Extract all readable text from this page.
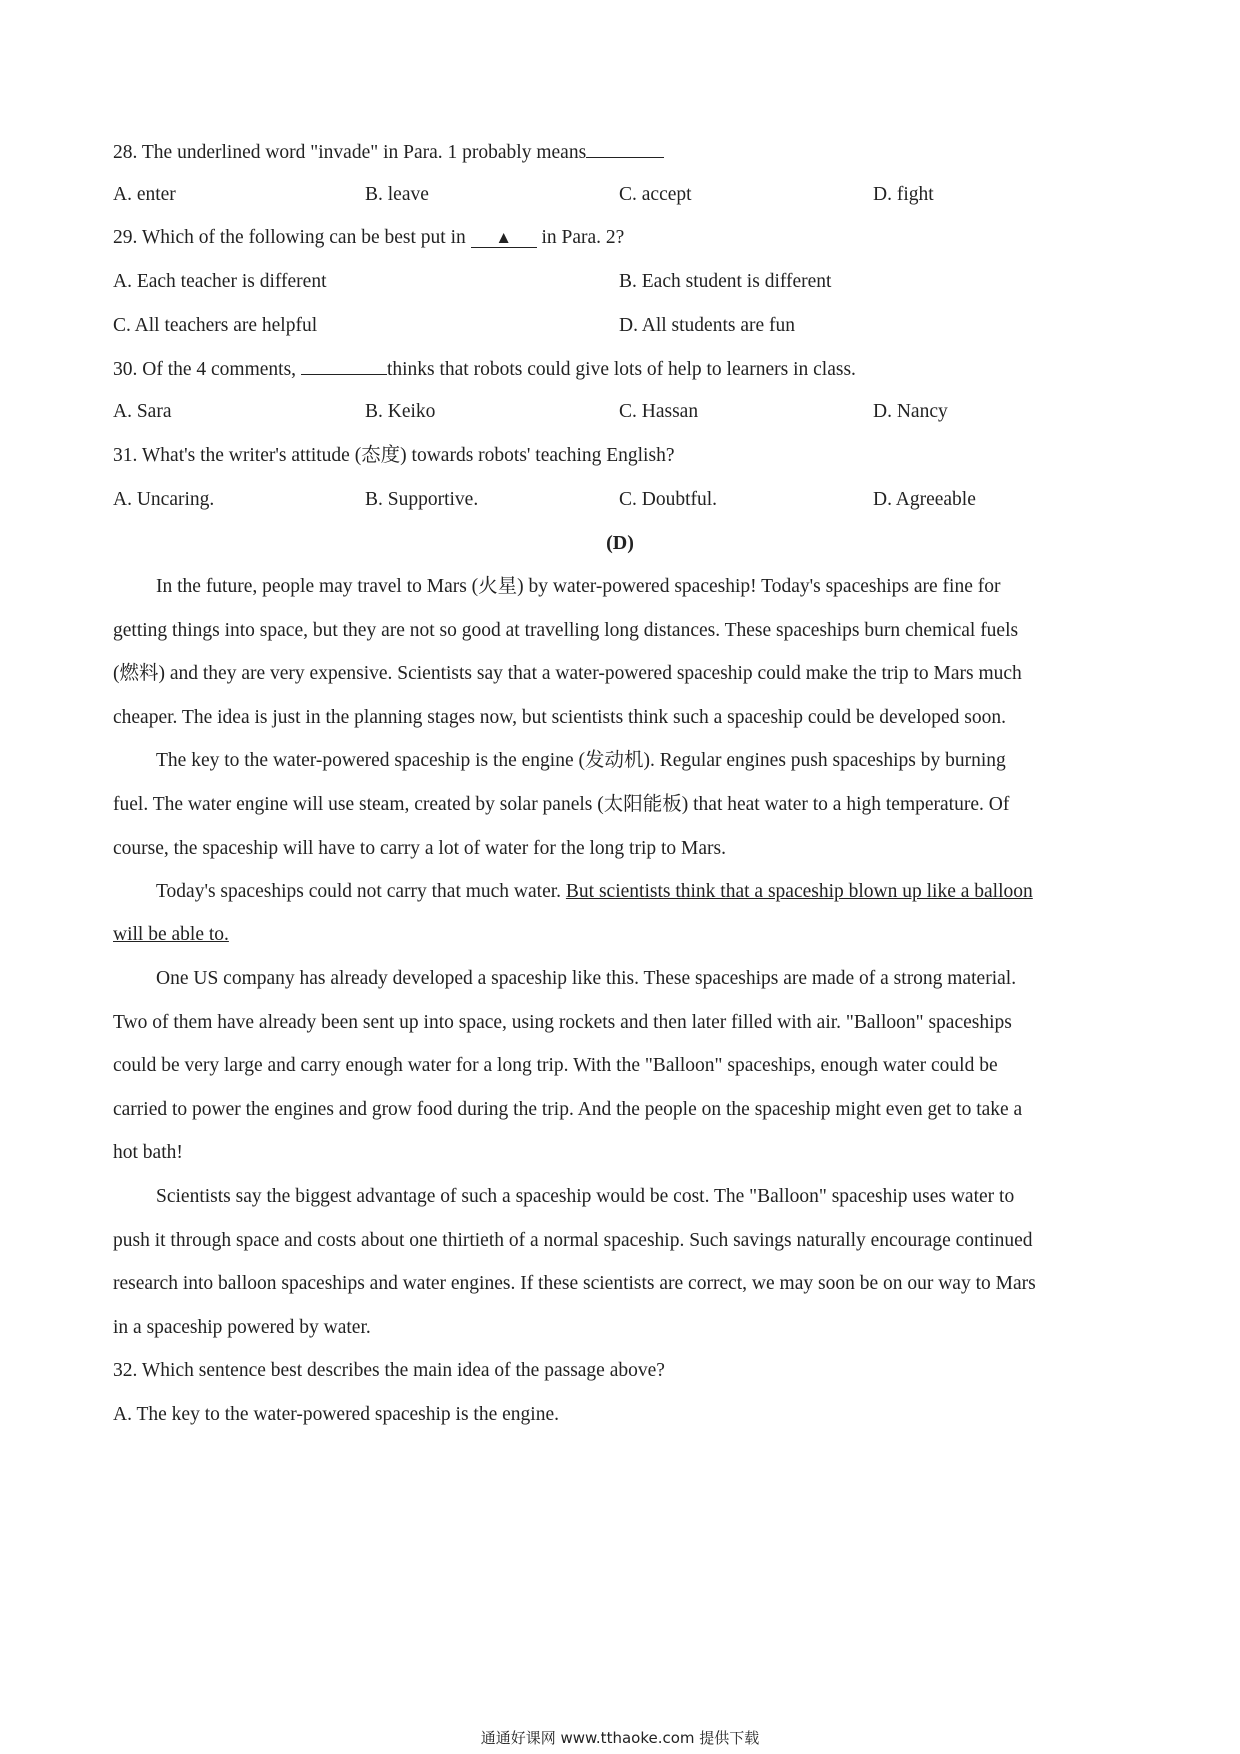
28. The underlined word "invade" in Para. 1 probably means
A. enter	B. leave	C. accept	D. fight
29. Which of the following can be best put in ▲ in Para. 2?
A. Each teacher is different	B. Each student is different
C. All teachers are helpful	D. All students are fun
30. Of the 4 comments,	thinks that robots could give lots of help to learners in class.
A. Sara	B. Keiko	C. Hassan	D. Nancy
31. What's the writer's attitude (态度) towards robots' teaching English?
A. Uncaring.	B. Supportive.	C. Doubtful.	D. Agreeable
(D)
In the future, people may travel to Mars (火星) by water-powered spaceship! Today's spaceships are fine for
getting things into space, but they are not so good at travelling long distances. These spaceships burn chemical fuels
(燃料) and they are very expensive. Scientists say that a water-powered spaceship could make the trip to Mars much
cheaper. The idea is just in the planning stages now, but scientists think such a spaceship could be developed soon.
The key to the water-powered spaceship is the engine (发动机). Regular engines push spaceships by burning
fuel. The water engine will use steam, created by solar panels (太阳能板) that heat water to a high temperature. Of
course, the spaceship will have to carry a lot of water for the long trip to Mars.
Today's spaceships could not carry that much water. But scientists think that a spaceship blown up like a balloon
will be able to.
One US company has already developed a spaceship like this. These spaceships are made of a strong material.
Two of them have already been sent up into space, using rockets and then later filled with air. "Balloon" spaceships
could be very large and carry enough water for a long trip. With the "Balloon" spaceships, enough water could be
carried to power the engines and grow food during the trip. And the people on the spaceship might even get to take a
hot bath!
Scientists say the biggest advantage of such a spaceship would be cost. The "Balloon" spaceship uses water to
push it through space and costs about one thirtieth of a normal spaceship. Such savings naturally encourage continued
research into balloon spaceships and water engines. If these scientists are correct, we may soon be on our way to Mars
in a spaceship powered by water.
32. Which sentence best describes the main idea of the passage above?
A. The key to the water-powered spaceship is the engine.
通通好课网 www.tthaoke.com 提供下载
